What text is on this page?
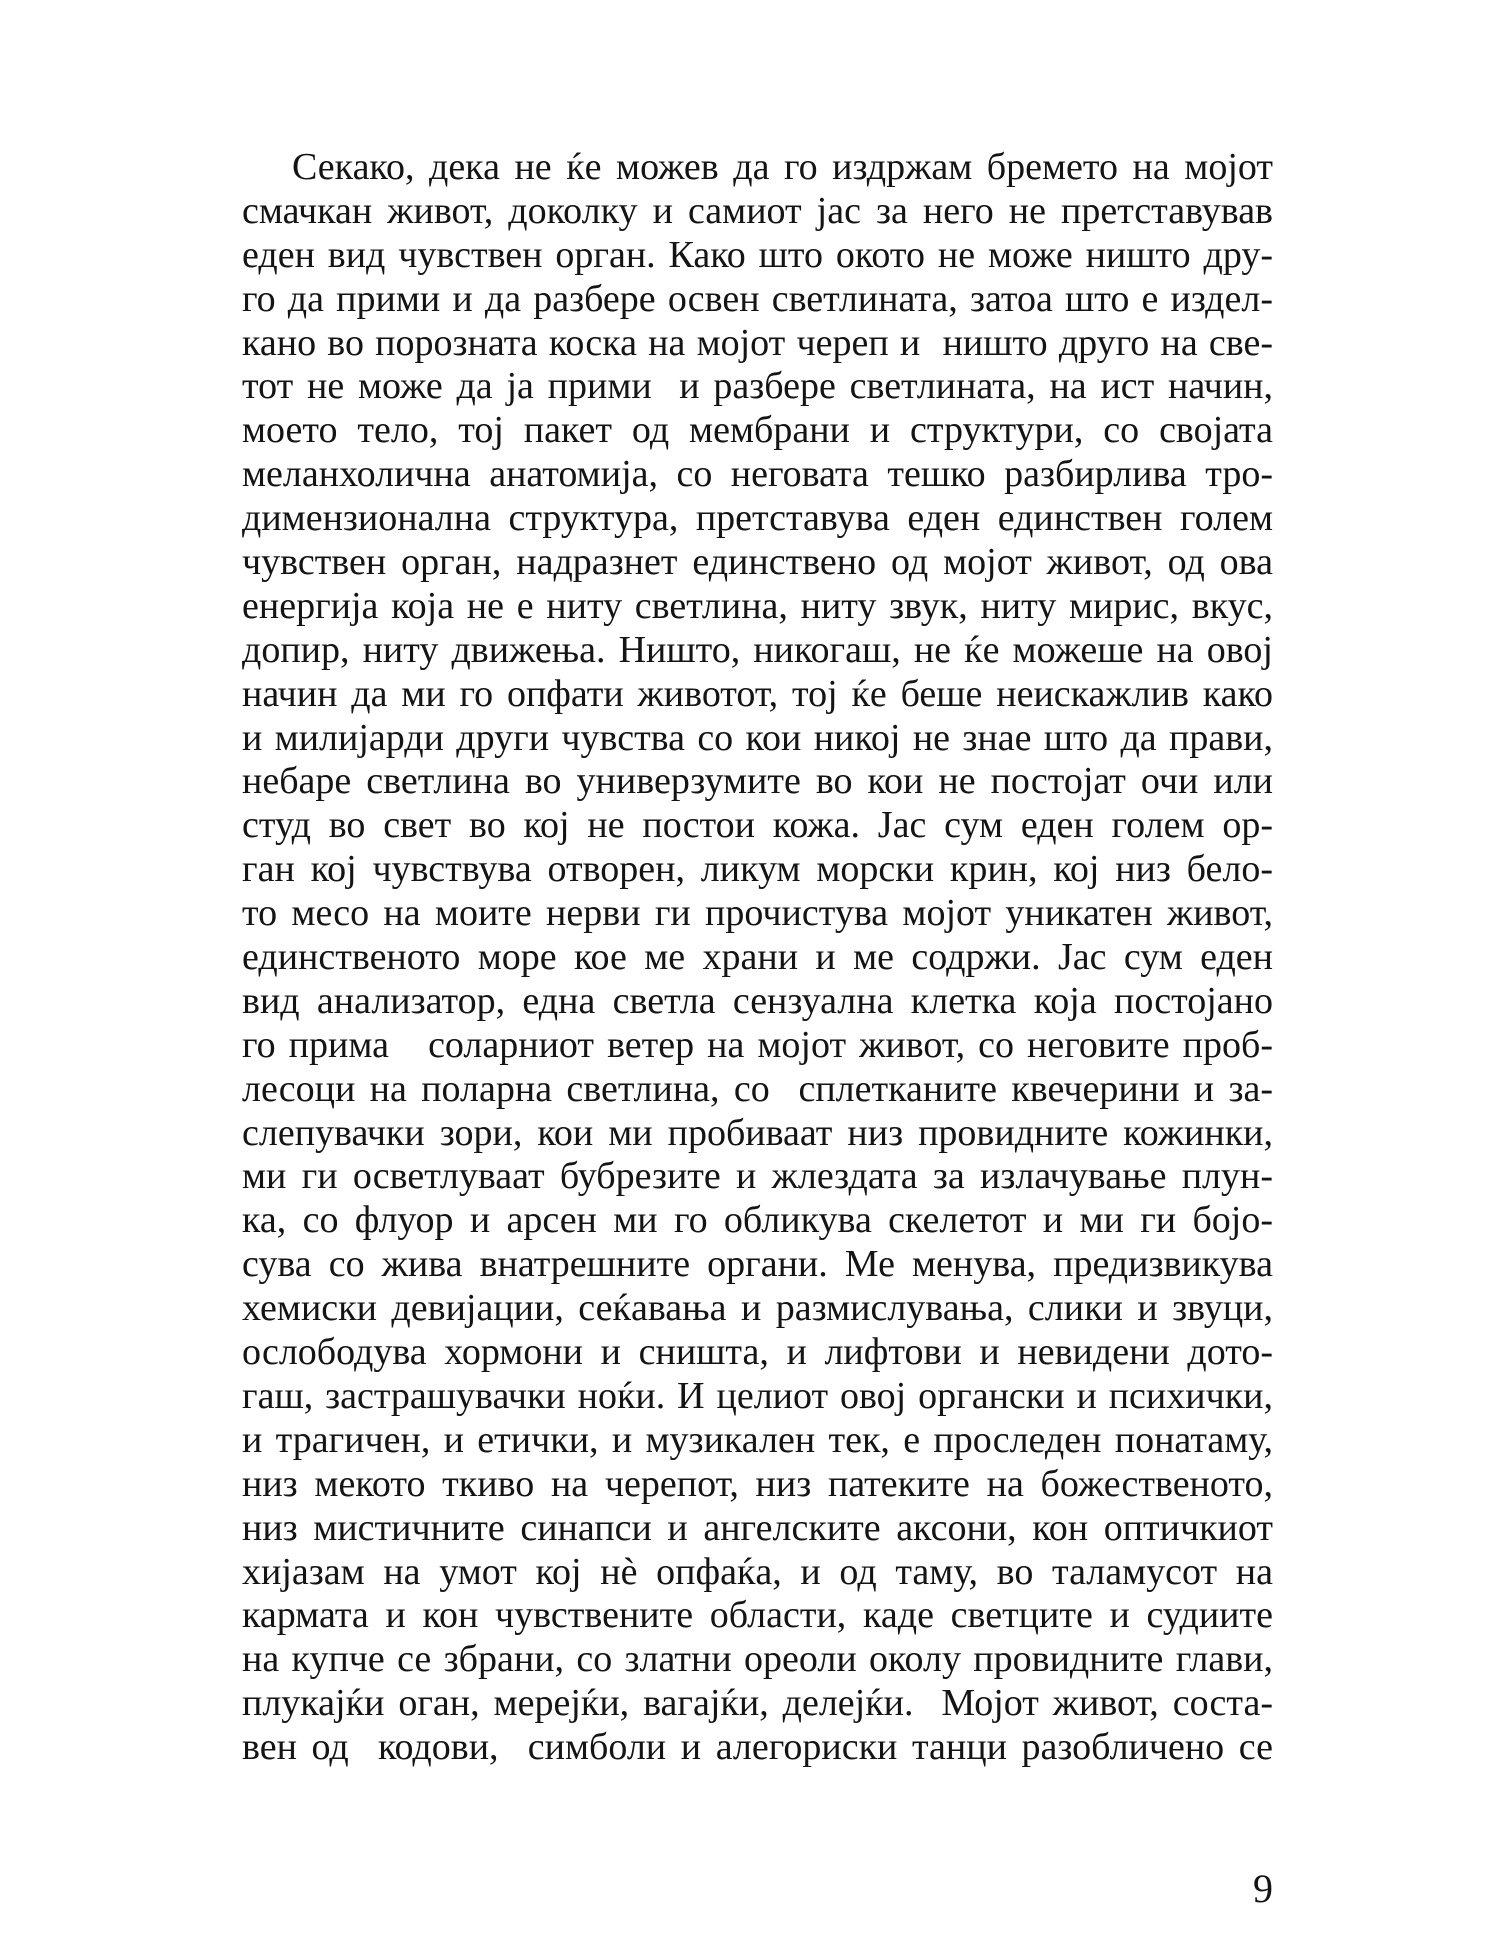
Секако, дека не ќе можев да го издржам бремето на мојот
смачкан живот, доколку и самиот јас за него не претставував
еден вид чувствен орган. Како што окото не може ништо дру-
го да прими и да разбере освен светлината, затоа што е издел-
кано во порозната коска на мојот череп и  ништо друго на све-
тот не може да ја прими  и разбере светлината, на ист начин,
моето тело, тој пакет од мембрани и структури, со својата
меланхолична анатомија, со неговата тешко разбирлива тро-
димензионална структура, претставува еден единствен голем
чувствен орган, надразнет единствено од мојот живот, од ова
енергија која не е ниту светлина, ниту звук, ниту мирис, вкус,
допир, ниту движења. Ништо, никогаш, не ќе можеше на овој
начин да ми го опфати животот, тој ќе беше неискажлив како
и милијарди други чувства со кои никој не знае што да прави,
небаре светлина во универзумите во кои не постојат очи или
студ во свет во кој не постои кожа. Јас сум еден голем ор-
ган кој чувствува отворен, ликум морски крин, кој низ бело-
то месо на моите нерви ги прочистува мојот уникатен живот,
единственото море кое ме храни и ме содржи. Јас сум еден
вид анализатор, една светла сензуална клетка која постојано
го прима   соларниот ветер на мојот живот, со неговите проб-
лесоци на поларна светлина, со  сплетканите квечерини и за-
слепувачки зори, кои ми пробиваат низ провидните кожинки,
ми ги осветлуваат бубрезите и жлездата за излачување плун-
ка, со флуор и арсен ми го обликува скелетот и ми ги бојо-
сува со жива внатрешните органи. Ме менува, предизвикува
хемиски девијации, сеќавања и размислувања, слики и звуци,
ослободува хормони и сништа, и лифтови и невидени дото-
гаш, застрашувачки ноќи. И целиот овој органски и психички,
и трагичен, и етички, и музикален тек, е проследен понатаму,
низ мекото ткиво на черепот, низ патеките на божественото,
низ мистичните синапси и ангелските аксони, кон оптичкиот
хијазам на умот кој нѐ опфаќа, и од таму, во таламусот на
кармата и кон чувствените области, каде светците и судиите
на купче се збрани, со златни ореоли околу провидните глави,
плукајќи оган, мерејќи, вагајќи, делејќи.  Мојот живот, соста-
вен од  кодови,  симболи и алегориски танци разобличено се
9
